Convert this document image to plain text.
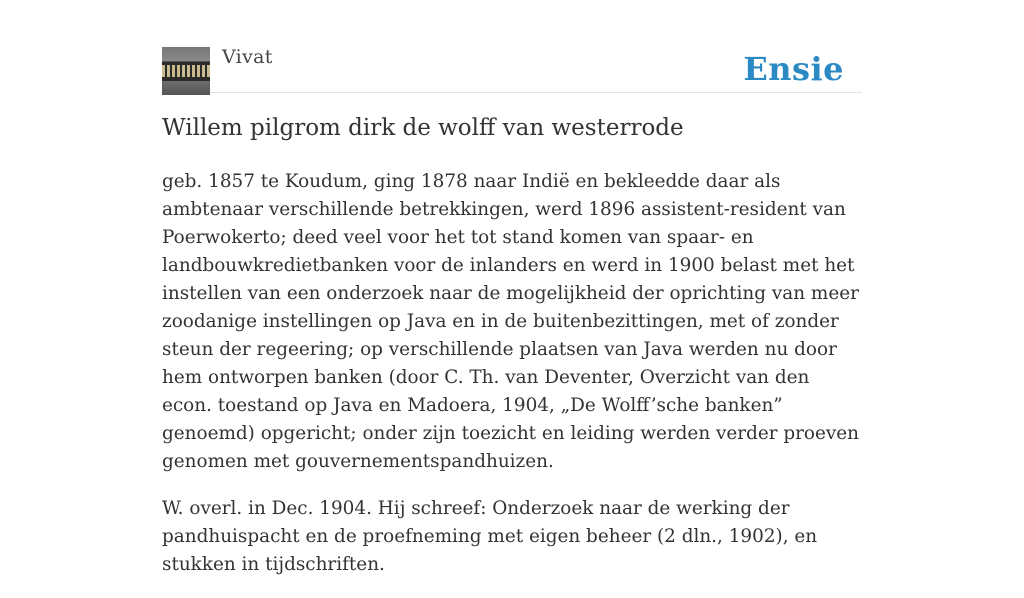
Vivat	Ensie
Willem pilgrom dirk de wolff van westerrode

geb. 1857 te Koudum, ging 1878 naar Indië en bekleedde daar als ambtenaar verschillende betrekkingen, werd 1896 assistent-resident van Poerwokerto; deed veel voor het tot stand komen van spaar- en landbouwkredietbanken voor de inlanders en werd in 1900 belast met het instellen van een onderzoek naar de mogelijkheid der oprichting van meer zoodanige instellingen op Java en in de buitenbezittingen, met of zonder steun der regeering; op verschillende plaatsen van Java werden nu door hem ontworpen banken (door C. Th. van Deventer, Overzicht van den econ. toestand op Java en Madoera, 1904, „De Wolff’sche banken” genoemd) opgericht; onder zijn toezicht en leiding werden verder proeven genomen met gouvernementspandhuizen.

W. overl. in Dec. 1904. Hij schreef: Onderzoek naar de werking der pandhuispacht en de proefneming met eigen beheer (2 dln., 1902), en stukken in tijdschriften.
